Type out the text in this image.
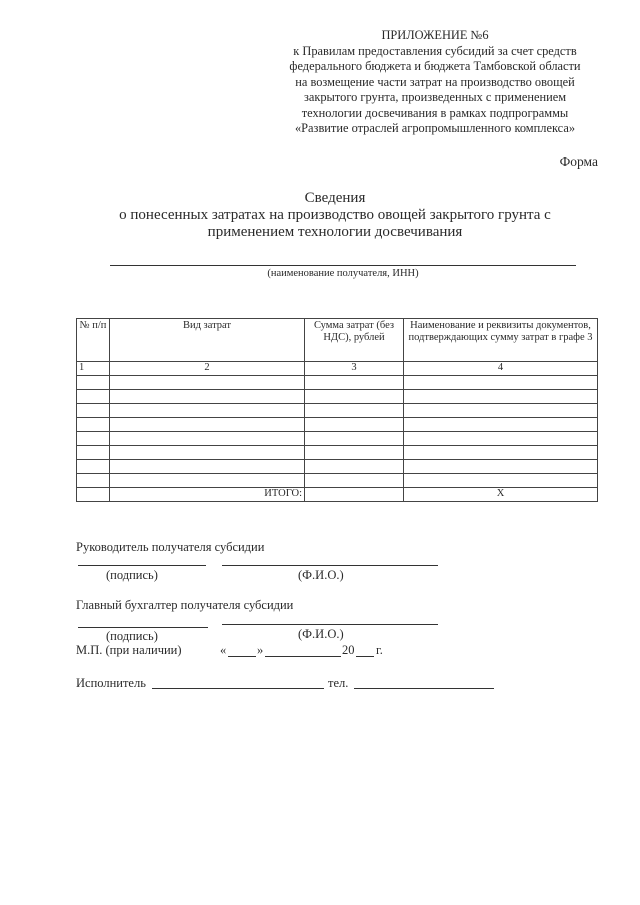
ПРИЛОЖЕНИЕ №6
к Правилам предоставления субсидий за счет средств
федерального бюджета и бюджета Тамбовской области
на возмещение части затрат на производство овощей
закрытого грунта, произведенных с применением
технологии досвечивания в рамках подпрограммы
«Развитие отраслей агропромышленного комплекса»
Форма
Сведения
о понесенных затратах на производство овощей закрытого грунта с
применением технологии досвечивания
(наименование получателя, ИНН)
№ п/п	Вид затрат	Сумма затрат (без НДС), рублей	Наименование и реквизиты документов, подтверждающих сумму затрат в графе 3
1	2	3	4

	ИТОГО:		Х
Руководитель получателя субсидии
(подпись)	(Ф.И.О.)
Главный бухгалтер получателя субсидии
(подпись)	(Ф.И.О.)
М.П. (при наличии)	« »	20 г.
Исполнитель	тел.
